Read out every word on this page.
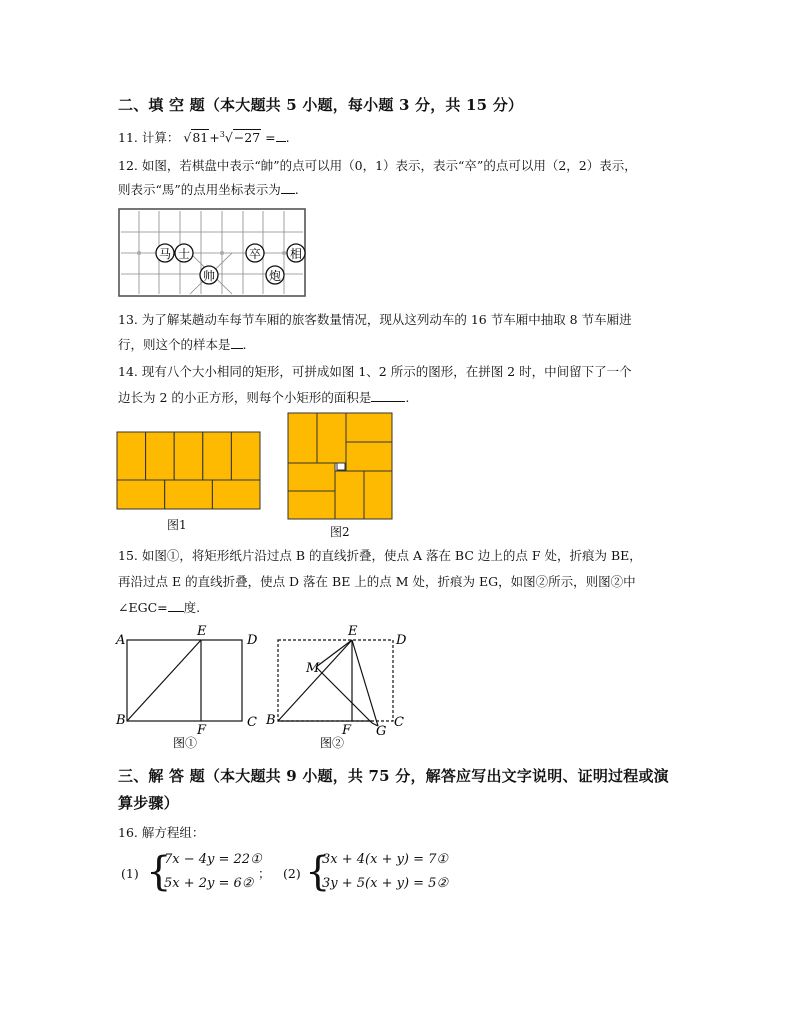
二、填 空 题（本大题共 5 小题，每小题 3 分，共 15 分）
11. 计算： √81+$^3$√−27 = .
12. 如图，若棋盘中表示“帥”的点可以用（0，1）表示，表示“卒”的点可以用（2，2）表示，
则表示“馬”的点用坐标表示为 .
马 士
帅
卒
炮
相
13. 为了解某趟动车每节车厢的旅客数量情况，现从这列动车的 16 节车厢中抽取 8 节车厢进
行，则这个的样本是 .
14. 现有八个大小相同的矩形，可拼成如图 1、2 所示的图形，在拼图 2 时，中间留下了一个
边长为 2 的小正方形，则每个小矩形的面积是	.
图1	图2
15. 如图①，将矩形纸片沿过点 B 的直线折叠，使点 A 落在 BC 边上的点 F 处，折痕为 BE，
再沿过点 E 的直线折叠，使点 D 落在 BE 上的点 M 处，折痕为 EG，如图②所示，则图②中
∠EGC= 度.
A
E
D
B
F
C
图①
E
D
M
B
F G
C
图②
三、解 答 题（本大题共 9 小题，共 75 分，解答应写出文字说明、证明过程或演
算步骤）
16. 解方程组：
(1) {
7x − 4y = 22①
5x + 2y = 6②
； (2) {
3x + 4(x + y) = 7①
3y + 5(x + y) = 5②
